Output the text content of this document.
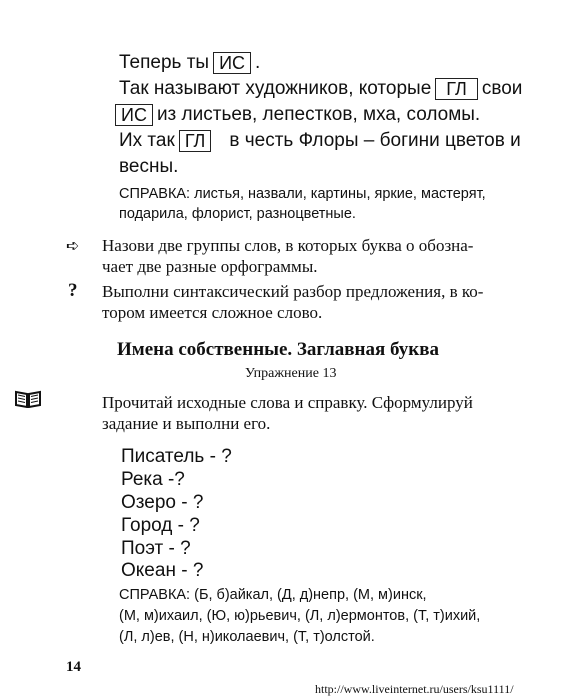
Теперь ты ИС .
Так называют художников, которые ГЛ свои
ИС из листьев, лепестков, мха, соломы.
Их так ГЛ в честь Флоры – богини цветов и
весны.
СПРАВКА: листья, назвали, картины, яркие, мастерят,
подарила, флорист, разноцветные.
➪ Назови две группы слов, в которых буква о обозна-
чает две разные орфограммы.
? Выполни синтаксический разбор предложения, в ко-
тором имеется сложное слово.
Имена собственные. Заглавная буква
Упражнение 13
Прочитай исходные слова и справку. Сформулируй
задание и выполни его.
Писатель - ?
Река -?
Озеро - ?
Город - ?
Поэт - ?
Океан - ?
СПРАВКА: (Б, б)айкал, (Д, д)непр, (М, м)инск,
(М, м)ихаил, (Ю, ю)рьевич, (Л, л)ермонтов, (Т, т)ихий,
(Л, л)ев, (Н, н)иколаевич, (Т, т)олстой.
14
http://www.liveinternet.ru/users/ksu1111/
